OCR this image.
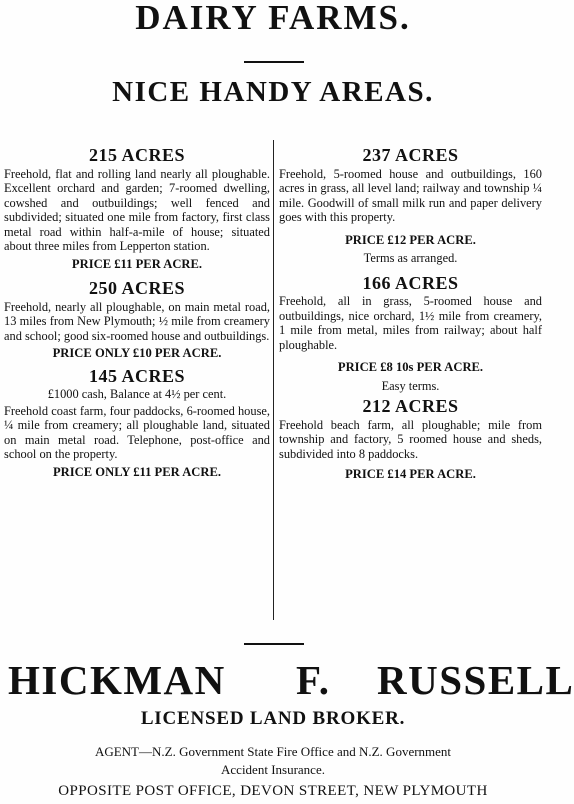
DAIRY FARMS.
NICE HANDY AREAS.
215 ACRES

Freehold, flat and rolling land nearly all ploughable. Excellent orchard and garden; 7-roomed dwelling, cowshed and outbuildings; well fenced and subdivided; situated one mile from factory, first class metal road within half-a-mile of house; situated about three miles from Lepperton station.

PRICE £11 PER ACRE.
250 ACRES

Freehold, nearly all ploughable, on main metal road, 13 miles from New Plymouth; ½ mile from creamery and school; good six-roomed house and outbuildings.

PRICE ONLY £10 PER ACRE.
145 ACRES
£1000 cash, Balance at 4½ per cent.

Freehold coast farm, four paddocks, 6-roomed house, ¼ mile from creamery; all ploughable land, situated on main metal road. Telephone, post-office and school on the property.

PRICE ONLY £11 PER ACRE.
237 ACRES

Freehold, 5-roomed house and outbuildings, 160 acres in grass, all level land; railway and township ¼ mile. Goodwill of small milk run and paper delivery goes with this property.

PRICE £12 PER ACRE.
Terms as arranged.
166 ACRES

Freehold, all in grass, 5-roomed house and outbuildings, nice orchard, 1½ mile from creamery, 1 mile from metal, miles from railway; about half ploughable.

PRICE £8 10s PER ACRE.
Easy terms.
212 ACRES

Freehold beach farm, all ploughable; mile from township and factory, 5 roomed house and sheds, subdivided into 8 paddocks.

PRICE £14 PER ACRE.
HICKMAN F. RUSSELL
LICENSED LAND BROKER.
AGENT—N.Z. Government State Fire Office and N.Z. Government
Accident Insurance.
OPPOSITE POST OFFICE, DEVON STREET, NEW PLYMOUTH
